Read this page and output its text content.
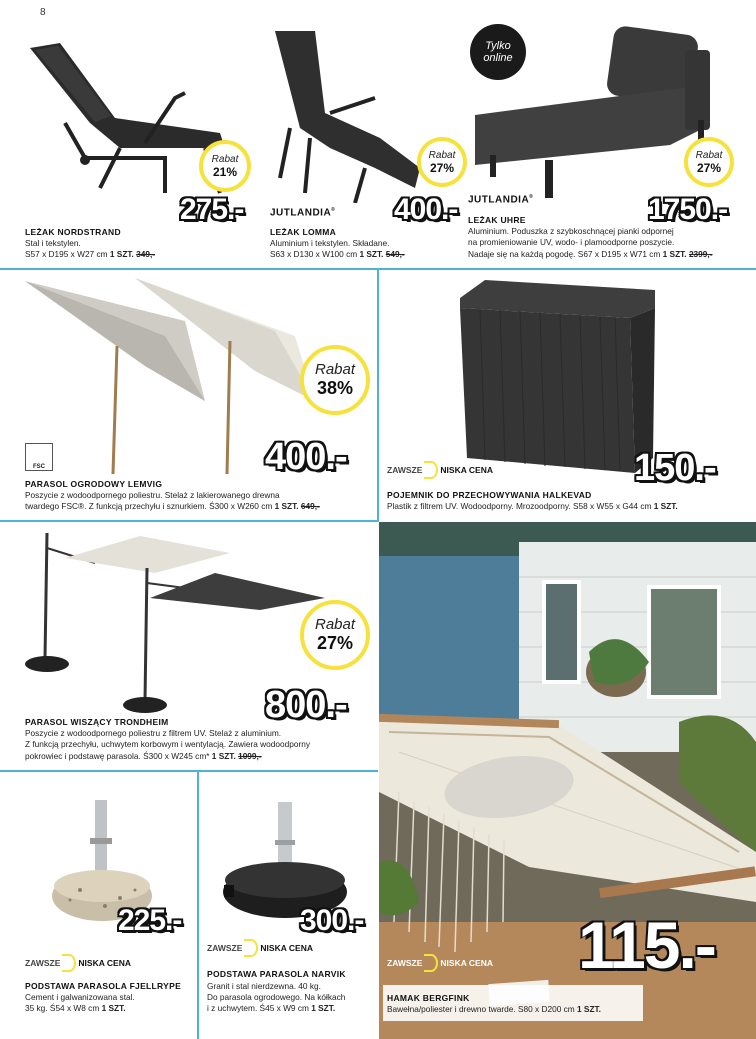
8
Rabat
21%
275.-
LEŻAK NORDSTRAND
Stal i tekstylen.
S57 x D195 x W27 cm 1 SZT. 349,-
Rabat
27%
JUTLANDIA® 400.-
LEŻAK LOMMA
Aluminium i tekstylen. Składane.
S63 x D130 x W100 cm 1 SZT. 549,-
Tylko
online
Rabat
27%
JUTLANDIA®	1750.-
LEŻAK UHRE
Aluminium. Poduszka z szybkoschnącej pianki odpornej
na promieniowanie UV, wodo- i plamoodporne poszycie.
Nadaje się na każdą pogodę. S67 x D195 x W71 cm 1 SZT. 2399,-
Rabat
38%
FSC	400.-
PARASOL OGRODOWY LEMVIG
Poszycie z wodoodpornego poliestru. Stelaż z lakierowanego drewna
twardego FSC®. Z funkcją przechyłu i sznurkiem. Ś300 x W260 cm 1 SZT. 649,-
ZAWSZE NISKA CENA	150.-
POJEMNIK DO PRZECHOWYWANIA HALKEVAD
Plastik z filtrem UV. Wodoodporny. Mrozoodporny. S58 x W55 x G44 cm 1 SZT.
Rabat
27%
800.-
PARASOL WISZĄCY TRONDHEIM
Poszycie z wodoodpornego poliestru z filtrem UV. Stelaż z aluminium.
Z funkcją przechyłu, uchwytem korbowym i wentylacją. Zawiera wodoodporny
pokrowiec i podstawę parasola. Ś300 x W245 cm* 1 SZT. 1099,-
225.-
ZAWSZE NISKA CENA
PODSTAWA PARASOLA FJELLRYPE
Cement i galwanizowana stal.
35 kg. Ś54 x W8 cm 1 SZT.
300.-
ZAWSZE NISKA CENA
PODSTAWA PARASOLA NARVIK
Granit i stal nierdzewna. 40 kg.
Do parasola ogrodowego. Na kółkach
i z uchwytem. Ś45 x W9 cm 1 SZT.
ZAWSZE NISKA CENA 115.-
HAMAK BERGFINK
Bawełna/poliester i drewno twarde. S80 x D200 cm 1 SZT.
